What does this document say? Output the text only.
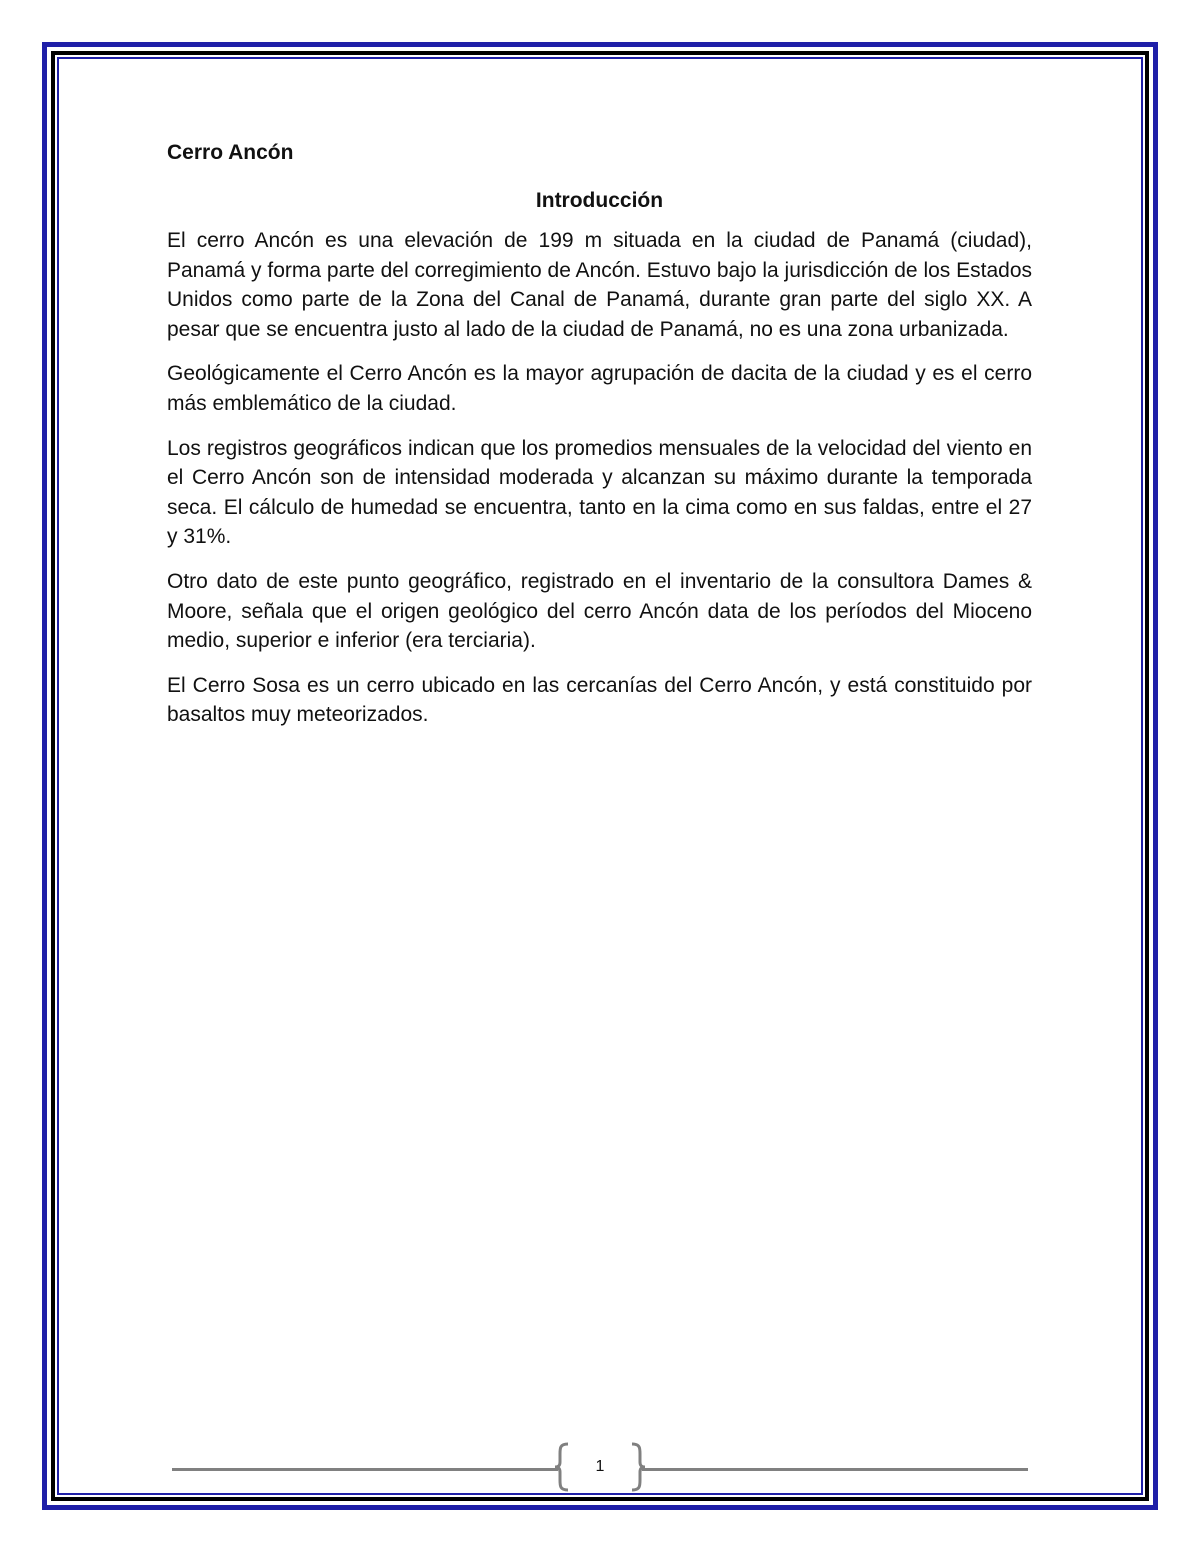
Cerro Ancón
Introducción

El cerro Ancón es una elevación de 199 m situada en la ciudad de Panamá (ciudad), Panamá y forma parte del corregimiento de Ancón. Estuvo bajo la jurisdicción de los Estados Unidos como parte de la Zona del Canal de Panamá, durante gran parte del siglo XX. A pesar que se encuentra justo al lado de la ciudad de Panamá, no es una zona urbanizada.

Geológicamente el Cerro Ancón es la mayor agrupación de dacita de la ciudad y es el cerro más emblemático de la ciudad.

Los registros geográficos indican que los promedios mensuales de la velocidad del viento en el Cerro Ancón son de intensidad moderada y alcanzan su máximo durante la temporada seca. El cálculo de humedad se encuentra, tanto en la cima como en sus faldas, entre el 27 y 31%.

Otro dato de este punto geográfico, registrado en el inventario de la consultora Dames & Moore, señala que el origen geológico del cerro Ancón data de los períodos del Mioceno medio, superior e inferior (era terciaria).

El Cerro Sosa es un cerro ubicado en las cercanías del Cerro Ancón, y está constituido por basaltos muy meteorizados.

1
